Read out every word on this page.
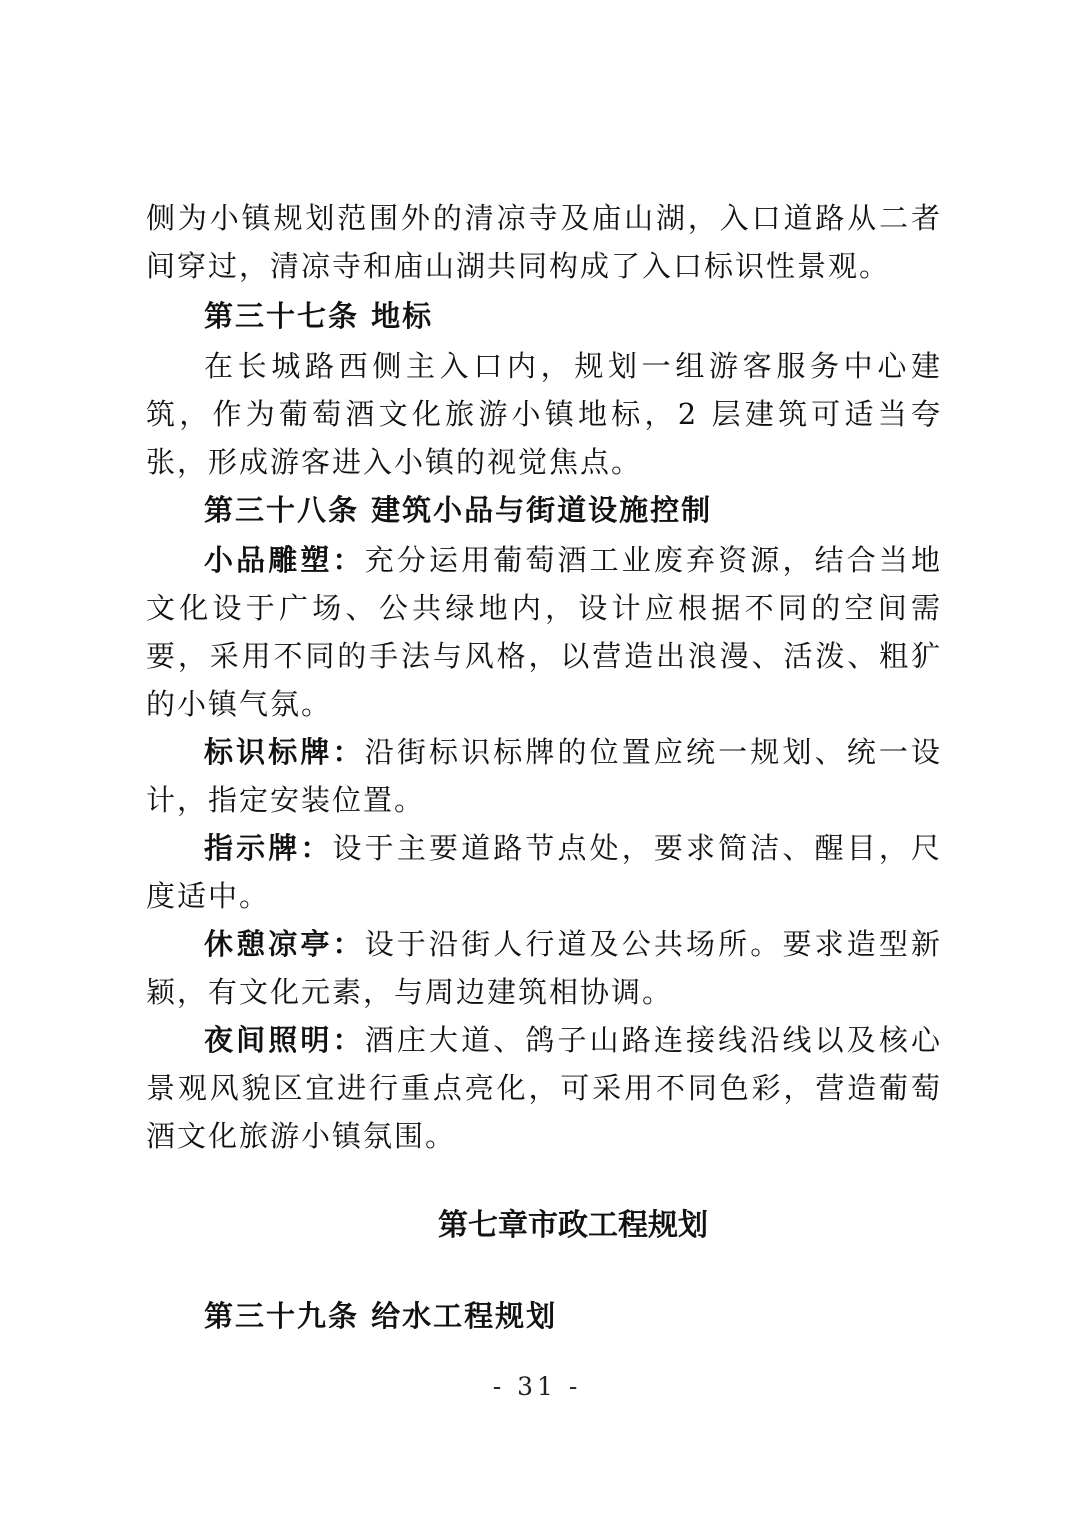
侧为小镇规划范围外的清凉寺及庙山湖，入口道路从二者间穿过，清凉寺和庙山湖共同构成了入口标识性景观。

第三十七条 地标

在长城路西侧主入口内，规划一组游客服务中心建筑，作为葡萄酒文化旅游小镇地标，2 层建筑可适当夸张，形成游客进入小镇的视觉焦点。

第三十八条 建筑小品与街道设施控制

小品雕塑：充分运用葡萄酒工业废弃资源，结合当地文化设于广场、公共绿地内，设计应根据不同的空间需要，采用不同的手法与风格，以营造出浪漫、活泼、粗犷的小镇气氛。

标识标牌：沿街标识标牌的位置应统一规划、统一设计，指定安装位置。

指示牌：设于主要道路节点处，要求简洁、醒目，尺度适中。

休憩凉亭：设于沿街人行道及公共场所。要求造型新颖，有文化元素，与周边建筑相协调。

夜间照明：酒庄大道、鸽子山路连接线沿线以及核心景观风貌区宜进行重点亮化，可采用不同色彩，营造葡萄酒文化旅游小镇氛围。

第七章市政工程规划

第三十九条 给水工程规划

- 31 -
